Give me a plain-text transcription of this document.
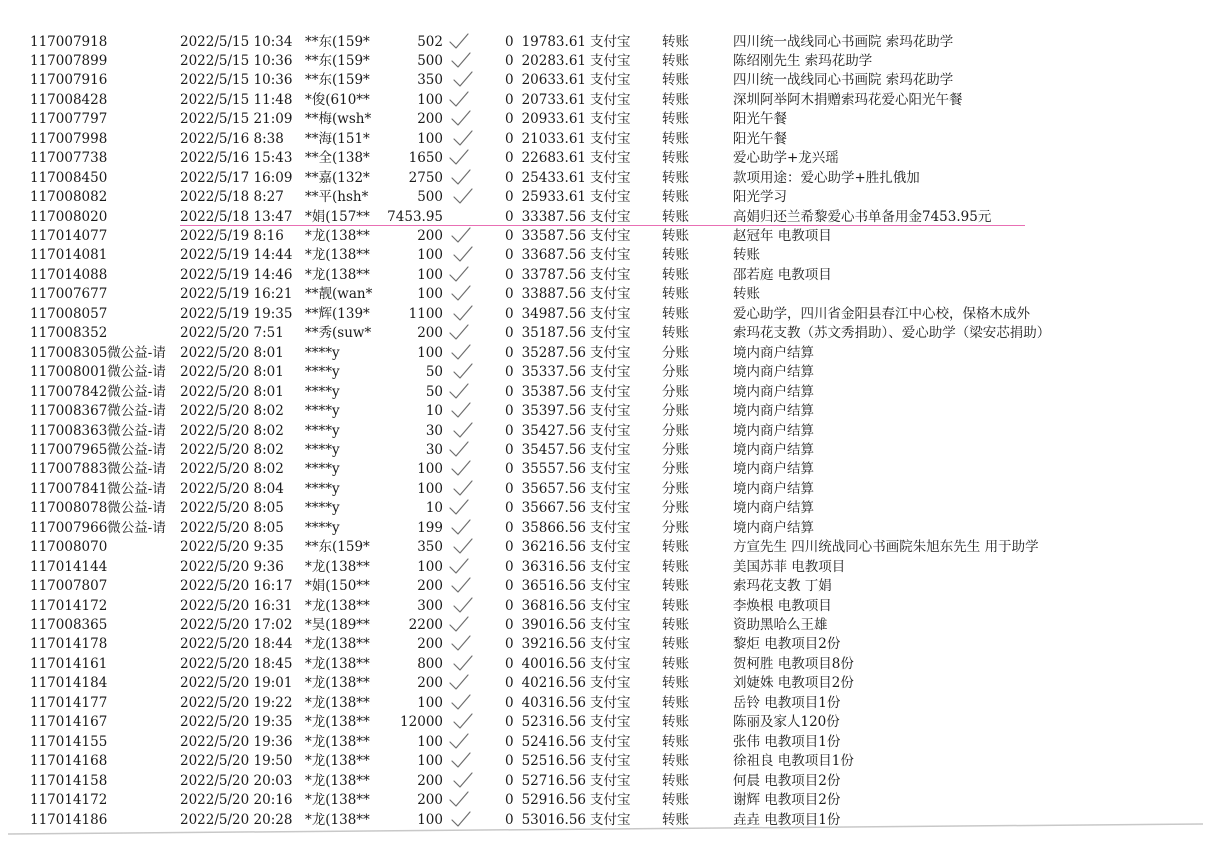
117007918	2022/5/15 10:34 **东(159*	502	0 19783.61 支付宝 转账	四川统一战线同心书画院 索玛花助学
117007899	2022/5/15 10:36 **东(159*	500	0 20283.61 支付宝 转账	陈绍刚先生 索玛花助学
117007916	2022/5/15 10:36 **东(159*	350	0 20633.61 支付宝 转账	四川统一战线同心书画院 索玛花助学
117008428	2022/5/15 11:48 *俊(610**	100	0 20733.61 支付宝 转账	深圳阿举阿木捐赠索玛花爱心阳光午餐
117007797	2022/5/15 21:09 **梅(wsh*	200	0 20933.61 支付宝 转账	阳光午餐
117007998	2022/5/16 8:38 **海(151*	100	0 21033.61 支付宝 转账	阳光午餐
117007738	2022/5/16 15:43 **全(138*	1650	0 22683.61 支付宝 转账	爱心助学+龙兴瑶
117008450	2022/5/17 16:09 **嘉(132*	2750	0 25433.61 支付宝 转账	款项用途：爱心助学+胜扎俄加
117008082	2022/5/18 8:27 **平(hsh*	500	0 25933.61 支付宝 转账	阳光学习
117008020	2022/5/18 13:47 *娟(157** 7453.95	0 33387.56 支付宝 转账	高娟归还兰希黎爱心书单备用金7453.95元
117014077	2022/5/19 8:16 *龙(138**	200	0 33587.56 支付宝 转账	赵冠年 电教项目
117014081	2022/5/19 14:44 *龙(138**	100	0 33687.56 支付宝 转账	转账
117014088	2022/5/19 14:46 *龙(138**	100	0 33787.56 支付宝 转账	邵若庭 电教项目
117007677	2022/5/19 16:21 **靓(wan*	100	0 33887.56 支付宝 转账	转账
117008057	2022/5/19 19:35 **辉(139*	1100	0 34987.56 支付宝 转账	爱心助学，四川省金阳县春江中心校，保格木成外
117008352	2022/5/20 7:51 **秀(suw*	200	0 35187.56 支付宝 转账	索玛花支教（苏文秀捐助）、爱心助学（梁安芯捐助）
117008305微公益-请 2022/5/20 8:01 ****y	100	0 35287.56 支付宝 分账	境内商户结算
117008001微公益-请 2022/5/20 8:01 ****y	50	0 35337.56 支付宝 分账	境内商户结算
117007842微公益-请 2022/5/20 8:01 ****y	50	0 35387.56 支付宝 分账	境内商户结算
117008367微公益-请 2022/5/20 8:02 ****y	10	0 35397.56 支付宝 分账	境内商户结算
117008363微公益-请 2022/5/20 8:02 ****y	30	0 35427.56 支付宝 分账	境内商户结算
117007965微公益-请 2022/5/20 8:02 ****y	30	0 35457.56 支付宝 分账	境内商户结算
117007883微公益-请 2022/5/20 8:02 ****y	100	0 35557.56 支付宝 分账	境内商户结算
117007841微公益-请 2022/5/20 8:04 ****y	100	0 35657.56 支付宝 分账	境内商户结算
117008078微公益-请 2022/5/20 8:05 ****y	10	0 35667.56 支付宝 分账	境内商户结算
117007966微公益-请 2022/5/20 8:05 ****y	199	0 35866.56 支付宝 分账	境内商户结算
117008070	2022/5/20 9:35 **东(159*	350	0 36216.56 支付宝 转账	方宣先生 四川统战同心书画院朱旭东先生 用于助学
117014144	2022/5/20 9:36 *龙(138**	100	0 36316.56 支付宝 转账	美国苏菲 电教项目
117007807	2022/5/20 16:17 *娟(150**	200	0 36516.56 支付宝 转账	索玛花支教 丁娟
117014172	2022/5/20 16:31 *龙(138**	300	0 36816.56 支付宝 转账	李焕根 电教项目
117008365	2022/5/20 17:02 *昊(189**	2200	0 39016.56 支付宝 转账	资助黑哈么王雄
117014178	2022/5/20 18:44 *龙(138**	200	0 39216.56 支付宝 转账	黎炬 电教项目2份
117014161	2022/5/20 18:45 *龙(138**	800	0 40016.56 支付宝 转账	贺柯胜 电教项目8份
117014184	2022/5/20 19:01 *龙(138**	200	0 40216.56 支付宝 转账	刘婕姝 电教项目2份
117014177	2022/5/20 19:22 *龙(138**	100	0 40316.56 支付宝 转账	岳铃 电教项目1份
117014167	2022/5/20 19:35 *龙(138** 12000	0 52316.56 支付宝 转账	陈丽及家人120份
117014155	2022/5/20 19:36 *龙(138**	100	0 52416.56 支付宝 转账	张伟 电教项目1份
117014168	2022/5/20 19:50 *龙(138**	100	0 52516.56 支付宝 转账	徐祖良 电教项目1份
117014158	2022/5/20 20:03 *龙(138**	200	0 52716.56 支付宝 转账	何晨 电教项目2份
117014172	2022/5/20 20:16 *龙(138**	200	0 52916.56 支付宝 转账	谢辉 电教项目2份
117014186	2022/5/20 20:28 *龙(138**	100	0 53016.56 支付宝 转账	垚垚 电教项目1份
